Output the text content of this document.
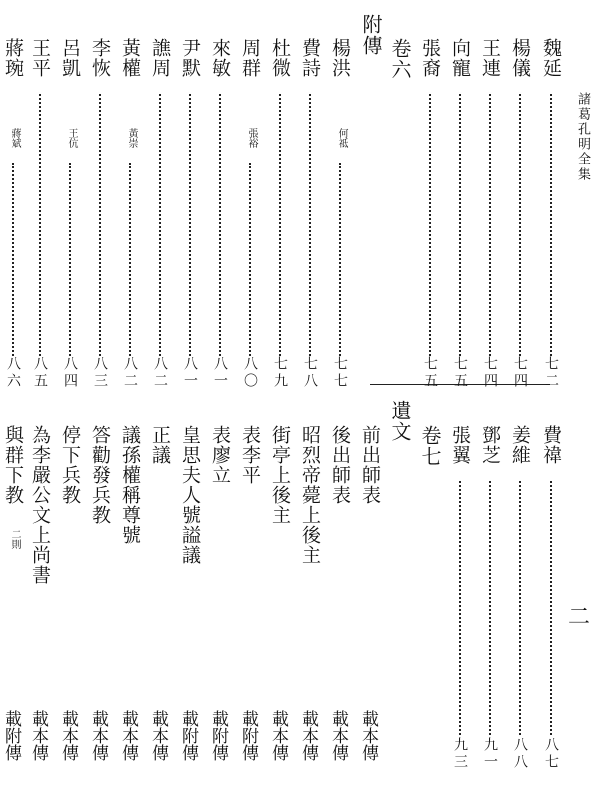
諸葛孔明全集
二
魏延
七二
楊儀
七四
王連
七四
向寵
七五
張裔
七五
卷六
附傳
楊洪
何祗
七七
費詩
七八
杜微
七九
周群
張裕
八〇
來敏
八一
尹默
八一
譙周
八二
黃權
黃崇
八二
李恢
八三
呂凱
王伉
八四
王平
八五
蔣琬
蔣斌
八六
費禕
八七
姜維
八八
鄧芝
九一
張翼
九三
卷七
遺文
前出師表
載本傳
後出師表
載本傳
昭烈帝薨上後主
載本傳
街亭上後主
載本傳
表李平
載附傳
表廖立
載附傳
皇思夫人號謚議
載附傳
正議
載本傳
議孫權稱尊號
載本傳
答勸發兵教
載本傳
停下兵教
載本傳
為李嚴公文上尚書
載本傳
與群下教
二則
載附傳
